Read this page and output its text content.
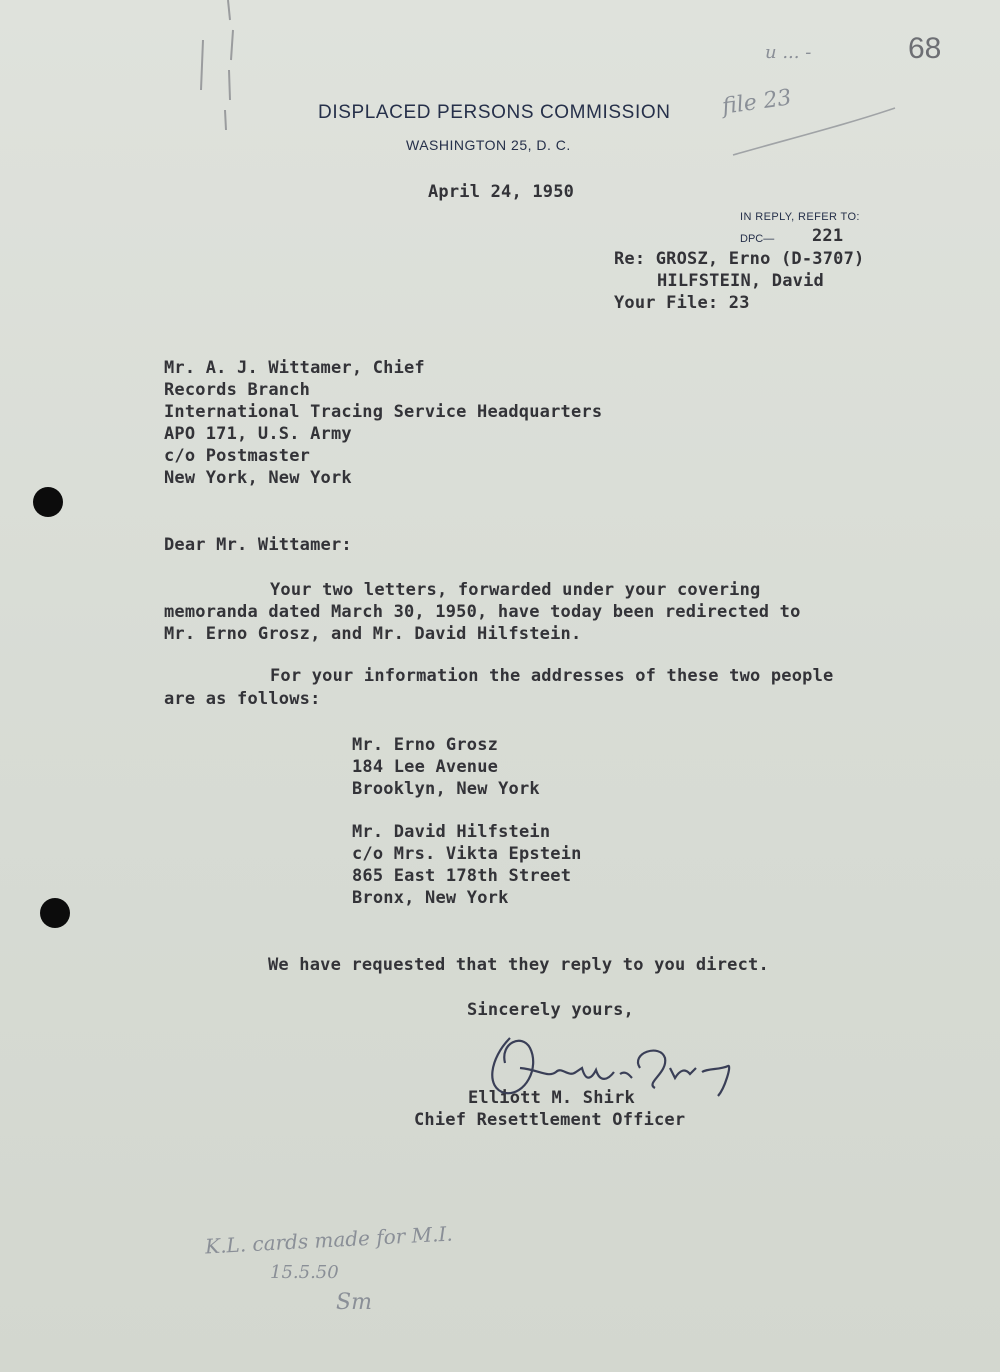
68
u ... -
file 23
DISPLACED PERSONS COMMISSION
WASHINGTON 25, D. C.
April 24, 1950
IN REPLY, REFER TO:
DPC— 221
Re: GROSZ, Erno (D-3707)
HILFSTEIN, David
Your File: 23
Mr. A. J. Wittamer, Chief
Records Branch
International Tracing Service Headquarters
APO 171, U.S. Army
c/o Postmaster
New York, New York
Dear Mr. Wittamer:
Your two letters, forwarded under your covering
memoranda dated March 30, 1950, have today been redirected to
Mr. Erno Grosz, and Mr. David Hilfstein.
For your information the addresses of these two people
are as follows:
Mr. Erno Grosz
184 Lee Avenue
Brooklyn, New York
Mr. David Hilfstein
c/o Mrs. Vikta Epstein
865 East 178th Street
Bronx, New York
We have requested that they reply to you direct.
Sincerely yours,
Elliott M. Shirk
Chief Resettlement Officer
K.L. cards made for M.I.
15.5.50
Sm
